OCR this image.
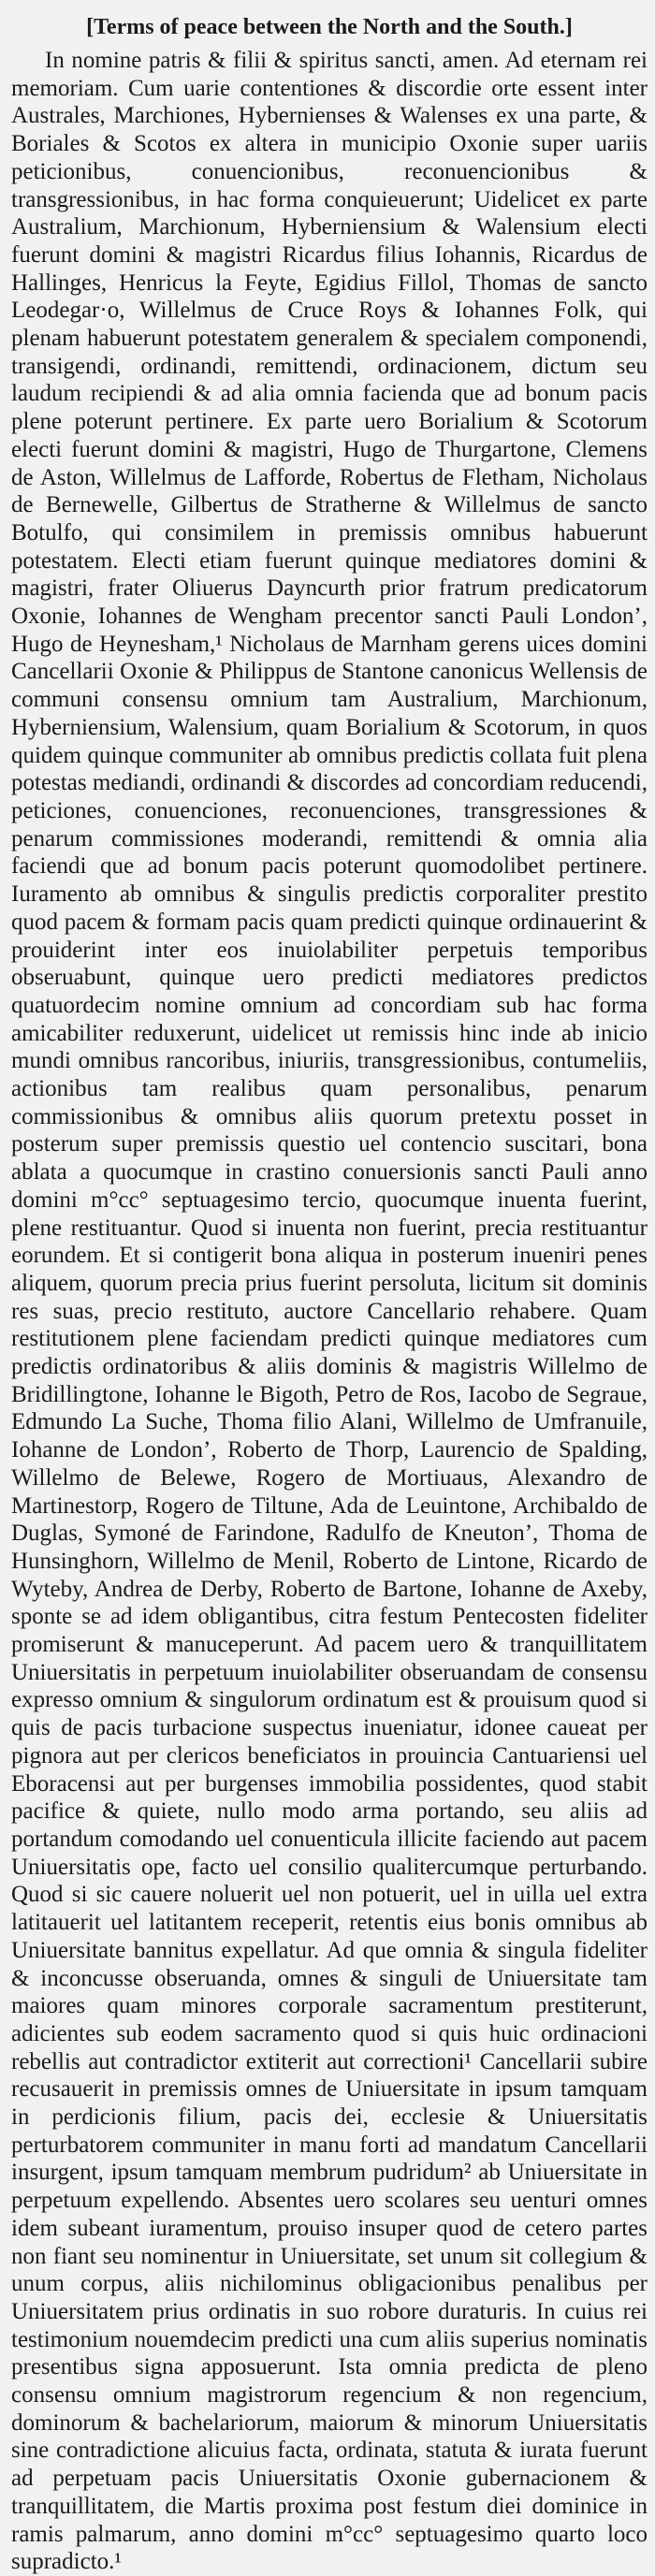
[Terms of peace between the North and the South.]

In nomine patris & filii & spiritus sancti, amen. Ad eternam rei memoriam. Cum uarie contentiones & discordie orte essent inter Australes, Marchiones, Hybernienses & Walenses ex una parte, & Boriales & Scotos ex altera in municipio Oxonie super uariis peticionibus, conuencionibus, reconuencionibus & transgressionibus, in hac forma conquieuerunt; Uidelicet ex parte Australium, Marchionum, Hyberniensium & Walensium electi fuerunt domini & magistri Ricardus filius Iohannis, Ricardus de Hallinges, Henricus la Feyte, Egidius Fillol, Thomas de sancto Leodegar·o, Willelmus de Cruce Roys & Iohannes Folk, qui plenam habuerunt potestatem generalem & specialem componendi, transigendi, ordinandi, remittendi, ordinacionem, dictum seu laudum recipiendi & ad alia omnia facienda que ad bonum pacis plene poterunt pertinere. Ex parte uero Borialium & Scotorum electi fuerunt domini & magistri, Hugo de Thurgartone, Clemens de Aston, Willelmus de Lafforde, Robertus de Fletham, Nicholaus de Bernewelle, Gilbertus de Stratherne & Willelmus de sancto Botulfo, qui consimilem in premissis omnibus habuerunt potestatem. Electi etiam fuerunt quinque mediatores domini & magistri, frater Oliuerus Dayncurth prior fratrum predicatorum Oxonie, Iohannes de Wengham precentor sancti Pauli London’, Hugo de Heynesham,¹ Nicholaus de Marnham gerens uices domini Cancellarii Oxonie & Philippus de Stantone canonicus Wellensis de communi consensu omnium tam Australium, Marchionum, Hyberniensium, Walensium, quam Borialium & Scotorum, in quos quidem quinque communiter ab omnibus predictis collata fuit plena potestas mediandi, ordinandi & discordes ad concordiam reducendi, peticiones, conuenciones, reconuenciones, transgressiones & penarum commissiones moderandi, remittendi & omnia alia faciendi que ad bonum pacis poterunt quomodolibet pertinere. Iuramento ab omnibus & singulis predictis corporaliter prestito quod pacem & formam pacis quam predicti quinque ordinauerint & prouiderint inter eos inuiolabiliter perpetuis temporibus obseruabunt, quinque uero predicti mediatores predictos quatuordecim nomine omnium ad concordiam sub hac forma amicabiliter reduxerunt, uidelicet ut remissis hinc inde ab inicio mundi omnibus rancoribus, iniuriis, transgressionibus, contumeliis, actionibus tam realibus quam personalibus, penarum commissionibus & omnibus aliis quorum pretextu posset in posterum super premissis questio uel contencio suscitari, bona ablata a quocumque in crastino conuersionis sancti Pauli anno domini m°cc° septuagesimo tercio, quocumque inuenta fuerint, plene restituantur. Quod si inuenta non fuerint, precia restituantur eorundem. Et si contigerit bona aliqua in posterum inueniri penes aliquem, quorum precia prius fuerint persoluta, licitum sit dominis res suas, precio restituto, auctore Cancellario rehabere. Quam restitutionem plene faciendam predicti quinque mediatores cum predictis ordinatoribus & aliis dominis & magistris Willelmo de Bridillingtone, Iohanne le Bigoth, Petro de Ros, Iacobo de Segraue, Edmundo La Suche, Thoma filio Alani, Willelmo de Umfranuile, Iohanne de London’, Roberto de Thorp, Laurencio de Spalding, Willelmo de Belewe, Rogero de Mortiuaus, Alexandro de Martinestorp, Rogero de Tiltune, Ada de Leuintone, Archibaldo de Duglas, Symoné de Farindone, Radulfo de Kneuton’, Thoma de Hunsinghorn, Willelmo de Menil, Roberto de Lintone, Ricardo de Wyteby, Andrea de Derby, Roberto de Bartone, Iohanne de Axeby, sponte se ad idem obligantibus, citra festum Pentecosten fideliter promiserunt & manuceperunt. Ad pacem uero & tranquillitatem Uniuersitatis in perpetuum inuiolabiliter obseruandam de consensu expresso omnium & singulorum ordinatum est & prouisum quod si quis de pacis turbacione suspectus inueniatur, idonee caueat per pignora aut per clericos beneficiatos in prouincia Cantuariensi uel Eboracensi aut per burgenses immobilia possidentes, quod stabit pacifice & quiete, nullo modo arma portando, seu aliis ad portandum comodando uel conuenticula illicite faciendo aut pacem Uniuersitatis ope, facto uel consilio qualitercumque perturbando. Quod si sic cauere noluerit uel non potuerit, uel in uilla uel extra latitauerit uel latitantem receperit, retentis eius bonis omnibus ab Uniuersitate bannitus expellatur. Ad que omnia & singula fideliter & inconcusse obseruanda, omnes & singuli de Uniuersitate tam maiores quam minores corporale sacramentum prestiterunt, adicientes sub eodem sacramento quod si quis huic ordinacioni rebellis aut contradictor extiterit aut correctioni¹ Cancellarii subire recusauerit in premissis omnes de Uniuersitate in ipsum tamquam in perdicionis filium, pacis dei, ecclesie & Uniuersitatis perturbatorem communiter in manu forti ad mandatum Cancellarii insurgent, ipsum tamquam membrum pudridum² ab Uniuersitate in perpetuum expellendo. Absentes uero scolares seu uenturi omnes idem subeant iuramentum, prouiso insuper quod de cetero partes non fiant seu nominentur in Uniuersitate, set unum sit collegium & unum corpus, aliis nichilominus obligacionibus penalibus per Uniuersitatem prius ordinatis in suo robore duraturis. In cuius rei testimonium nouemdecim predicti una cum aliis superius nominatis presentibus signa apposuerunt. Ista omnia predicta de pleno consensu omnium magistrorum regencium & non regencium, dominorum & bachelariorum, maiorum & minorum Uniuersitatis sine contradictione alicuius facta, ordinata, statuta & iurata fuerunt ad perpetuam pacis Uniuersitatis Oxonie gubernacionem & tranquillitatem, die Martis proxima post festum diei dominice in ramis palmarum, anno domini m°cc° septuagesimo quarto loco supradicto.¹
